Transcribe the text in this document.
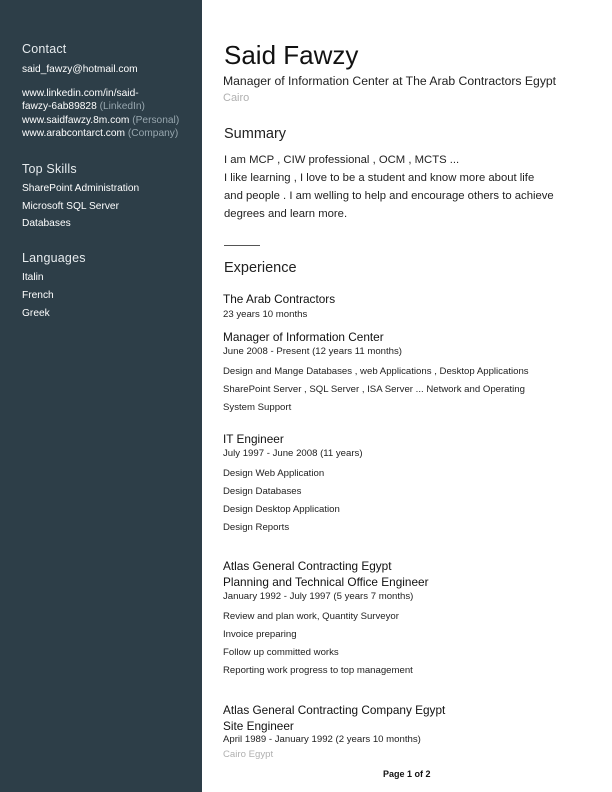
Contact
said_fawzy@hotmail.com
www.linkedin.com/in/said-
fawzy-6ab89828 (LinkedIn)
www.saidfawzy.8m.com (Personal)
www.arabcontarct.com (Company)
Top Skills
SharePoint Administration
Microsoft SQL Server
Databases
Languages
Italin
French
Greek
Said Fawzy
Manager of Information Center at The Arab Contractors Egypt
Cairo
Summary
I am MCP , CIW professional , OCM , MCTS ...
I like learning , I love to be a student and know more about life
and people . I am welling to help and encourage others to achieve
degrees and learn more.
Experience
The Arab Contractors
23 years 10 months
Manager of Information Center
June 2008 - Present (12 years 11 months)
Design and Mange Databases , web Applications , Desktop Applications
SharePoint Server , SQL Server , ISA Server ... Network and Operating
System Support
IT Engineer
July 1997 - June 2008 (11 years)
Design Web Application
Design Databases
Design Desktop Application
Design Reports
Atlas General Contracting Egypt
Planning and Technical Office Engineer
January 1992 - July 1997 (5 years 7 months)
Review and plan work, Quantity Surveyor
Invoice preparing
Follow up committed works
Reporting work progress to top management
Atlas General Contracting Company Egypt
Site Engineer
April 1989 - January 1992 (2 years 10 months)
Cairo Egypt
Page 1 of 2
